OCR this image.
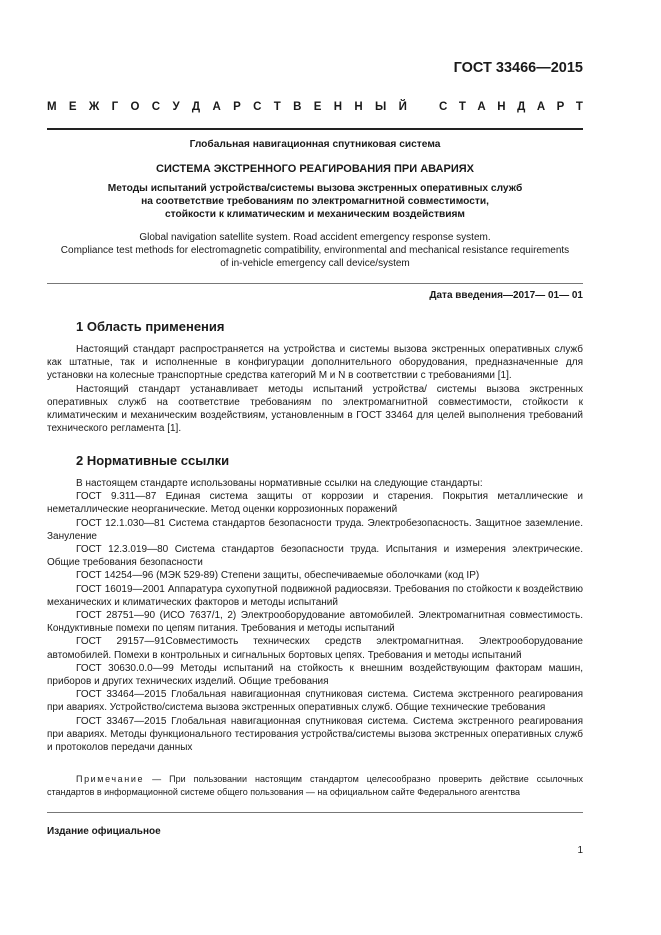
ГОСТ 33466—2015
М Е Ж Г О С У Д А Р С Т В Е Н Н Ы Й	С Т А Н Д А Р Т
Глобальная навигационная спутниковая система
СИСТЕМА ЭКСТРЕННОГО РЕАГИРОВАНИЯ ПРИ АВАРИЯХ
Методы испытаний устройства/системы вызова экстренных оперативных служб
на соответствие требованиям по электромагнитной совместимости,
стойкости к климатическим и механическим воздействиям
Global navigation satellite system. Road accident emergency response system.
Compliance test methods for electromagnetic compatibility, environmental and mechanical resistance requirements
of in-vehicle emergency call device/system
Дата введения—2017— 01— 01
1 Область применения

Настоящий стандарт распространяется на устройства и системы вызова экстренных оперативных служб как штатные, так и исполненные в конфигурации дополнительного оборудования, предназначенные для установки на колесные транспортные средства категорий М и N в соответствии с требованиями [1].

Настоящий стандарт устанавливает методы испытаний устройства/ системы вызова экстренных оперативных служб на соответствие требованиям по электромагнитной совместимости, стойкости к климатическим и механическим воздействиям, установленным в ГОСТ 33464 для целей выполнения требований технического регламента [1].

2 Нормативные ссылки

В настоящем стандарте использованы нормативные ссылки на следующие стандарты:

ГОСТ 9.311—87 Единая система защиты от коррозии и старения. Покрытия металлические и неметаллические неорганические. Метод оценки коррозионных поражений

ГОСТ 12.1.030—81 Система стандартов безопасности труда. Электробезопасность. Защитное заземление. Зануление

ГОСТ 12.3.019—80 Система стандартов безопасности труда. Испытания и измерения электрические. Общие требования безопасности

ГОСТ 14254—96 (МЭК 529-89) Степени защиты, обеспечиваемые оболочками (код IP)

ГОСТ 16019—2001 Аппаратура сухопутной подвижной радиосвязи. Требования по стойкости к воздействию механических и климатических факторов и методы испытаний

ГОСТ 28751—90 (ИСО 7637/1, 2) Электрооборудование автомобилей. Электромагнитная совместимость. Кондуктивные помехи по цепям питания. Требования и методы испытаний

ГОСТ 29157—91Совместимость технических средств электромагнитная. Электрооборудование автомобилей. Помехи в контрольных и сигнальных бортовых цепях. Требования и методы испытаний

ГОСТ 30630.0.0—99 Методы испытаний на стойкость к внешним воздействующим факторам машин, приборов и других технических изделий. Общие требования

ГОСТ 33464—2015 Глобальная навигационная спутниковая система. Система экстренного реагирования при авариях. Устройство/система вызова экстренных оперативных служб. Общие технические требования

ГОСТ 33467—2015 Глобальная навигационная спутниковая система. Система экстренного реагирования при авариях. Методы функционального тестирования устройства/системы вызова экстренных оперативных служб и протоколов передачи данных

Примечание — При пользовании настоящим стандартом целесообразно проверить действие ссылочных стандартов в информационной системе общего пользования — на официальном сайте Федерального агентства
Издание официальное
1
